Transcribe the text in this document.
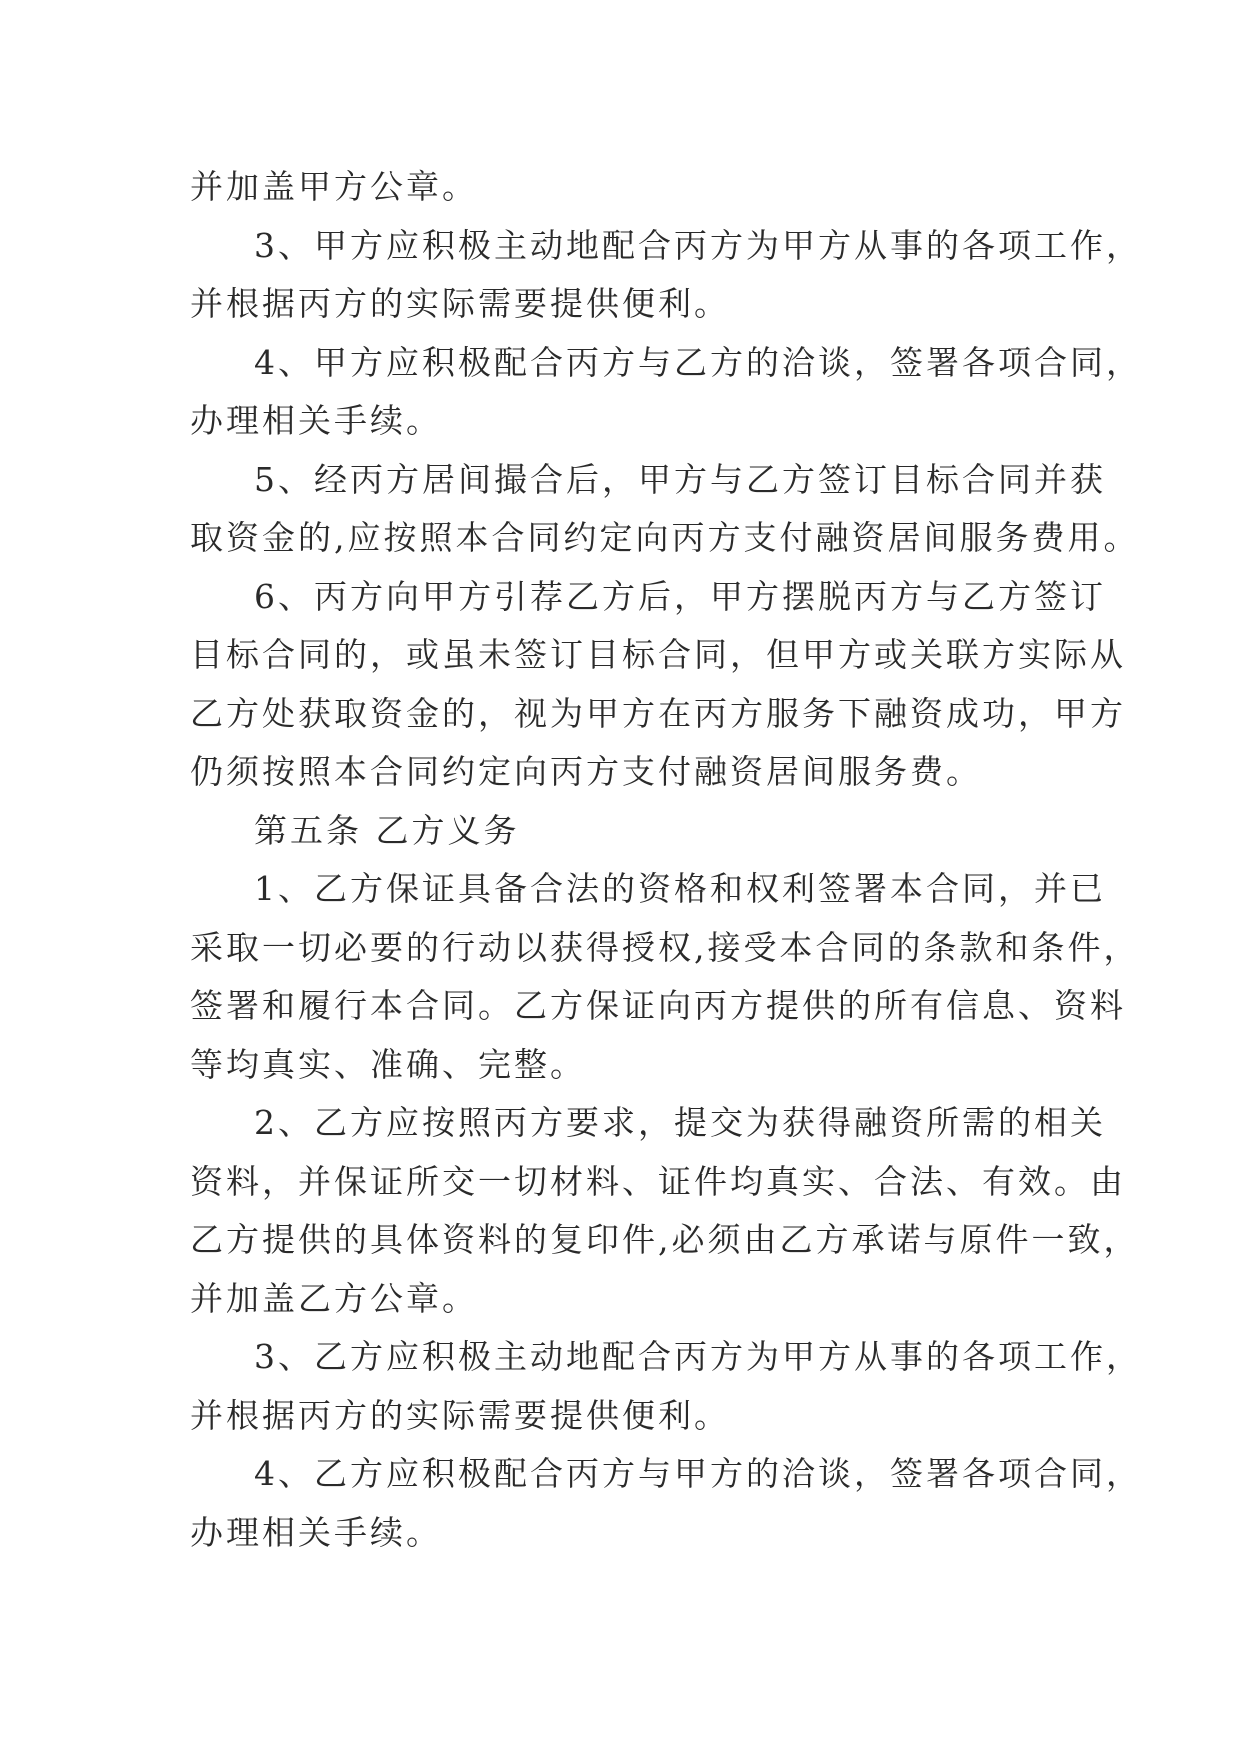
并加盖甲方公章。

3、甲方应积极主动地配合丙方为甲方从事的各项工作，

并根据丙方的实际需要提供便利。

4、甲方应积极配合丙方与乙方的洽谈，签署各项合同，

办理相关手续。

5、经丙方居间撮合后，甲方与乙方签订目标合同并获

取资金的,应按照本合同约定向丙方支付融资居间服务费用。

6、丙方向甲方引荐乙方后，甲方摆脱丙方与乙方签订

目标合同的，或虽未签订目标合同，但甲方或关联方实际从

乙方处获取资金的，视为甲方在丙方服务下融资成功，甲方

仍须按照本合同约定向丙方支付融资居间服务费。

第五条 乙方义务

1、乙方保证具备合法的资格和权利签署本合同，并已

采取一切必要的行动以获得授权,接受本合同的条款和条件，

签署和履行本合同。乙方保证向丙方提供的所有信息、资料

等均真实、准确、完整。

2、乙方应按照丙方要求，提交为获得融资所需的相关

资料，并保证所交一切材料、证件均真实、合法、有效。由

乙方提供的具体资料的复印件,必须由乙方承诺与原件一致，

并加盖乙方公章。

3、乙方应积极主动地配合丙方为甲方从事的各项工作，

并根据丙方的实际需要提供便利。

4、乙方应积极配合丙方与甲方的洽谈，签署各项合同，

办理相关手续。
